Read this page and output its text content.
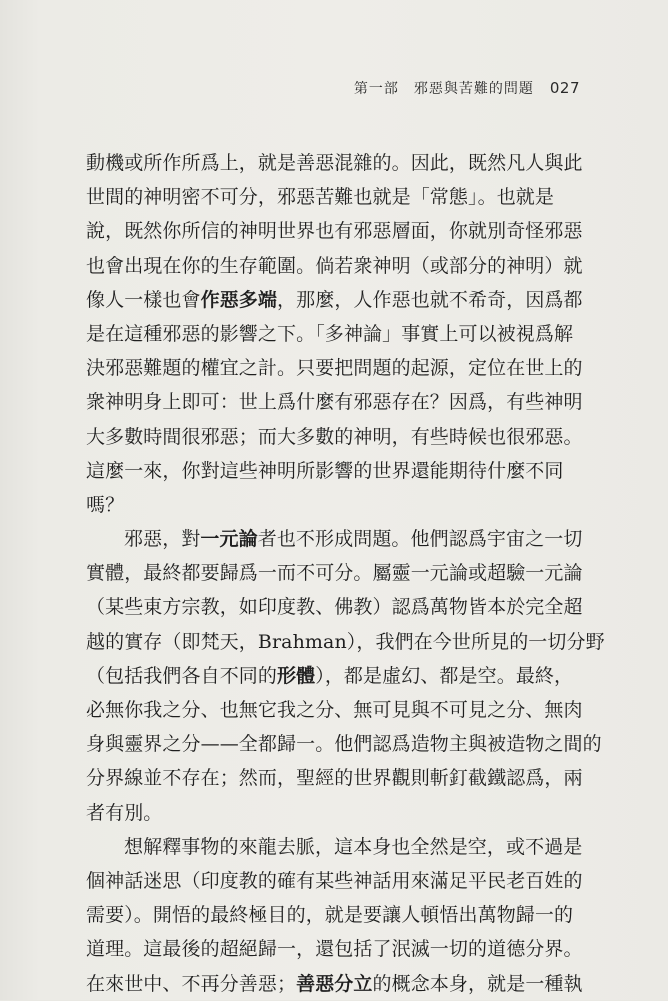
第一部　邪惡與苦難的問題 027
動機或所作所爲上，就是善惡混雜的。因此，既然凡人與此
世間的神明密不可分，邪惡苦難也就是「常態」。也就是
說，既然你所信的神明世界也有邪惡層面，你就別奇怪邪惡
也會出現在你的生存範圍。倘若衆神明（或部分的神明）就
像人一樣也會作惡多端，那麼，人作惡也就不希奇，因爲都
是在這種邪惡的影響之下。「多神論」事實上可以被視爲解
決邪惡難題的權宜之計。只要把問題的起源，定位在世上的
衆神明身上即可：世上爲什麼有邪惡存在？因爲，有些神明
大多數時間很邪惡；而大多數的神明，有些時候也很邪惡。
這麼一來，你對這些神明所影響的世界還能期待什麼不同
嗎？
邪惡，對一元論者也不形成問題。他們認爲宇宙之一切
實體，最終都要歸爲一而不可分。屬靈一元論或超驗一元論
（某些東方宗教，如印度教、佛教）認爲萬物皆本於完全超
越的實存（即梵天，Brahman），我們在今世所見的一切分野
（包括我們各自不同的形體），都是虛幻、都是空。最終，
必無你我之分、也無它我之分、無可見與不可見之分、無肉
身與靈界之分——全都歸一。他們認爲造物主與被造物之間的
分界線並不存在；然而，聖經的世界觀則斬釘截鐵認爲，兩
者有別。
想解釋事物的來龍去脈，這本身也全然是空，或不過是
個神話迷思（印度教的確有某些神話用來滿足平民老百姓的
需要）。開悟的最終極目的，就是要讓人頓悟出萬物歸一的
道理。這最後的超絕歸一，還包括了泯滅一切的道德分界。
在來世中、不再分善惡；善惡分立的概念本身，就是一種執
